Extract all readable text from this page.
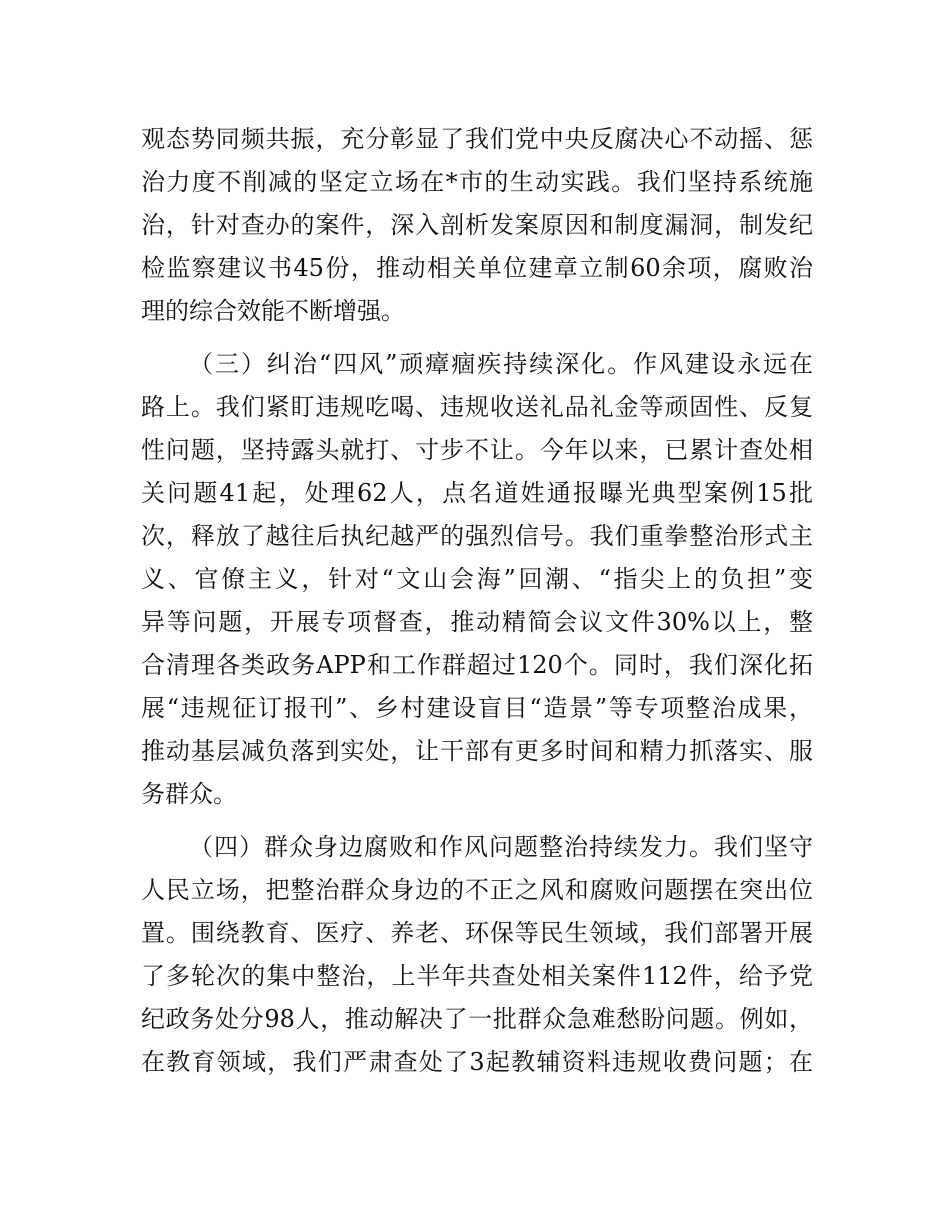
观态势同频共振，充分彰显了我们党中央反腐决心不动摇、惩
治力度不削减的坚定立场在*市的生动实践。我们坚持系统施
治，针对查办的案件，深入剖析发案原因和制度漏洞，制发纪
检监察建议书45份，推动相关单位建章立制60余项，腐败治
理的综合效能不断增强。
（三）纠治“四风”顽瘴痼疾持续深化。作风建设永远在
路上。我们紧盯违规吃喝、违规收送礼品礼金等顽固性、反复
性问题，坚持露头就打、寸步不让。今年以来，已累计查处相
关问题41起，处理62人，点名道姓通报曝光典型案例15批
次，释放了越往后执纪越严的强烈信号。我们重拳整治形式主
义、官僚主义，针对“文山会海”回潮、“指尖上的负担”变
异等问题，开展专项督查，推动精简会议文件30%以上，整
合清理各类政务APP和工作群超过120个。同时，我们深化拓
展“违规征订报刊”、乡村建设盲目“造景”等专项整治成果，
推动基层减负落到实处，让干部有更多时间和精力抓落实、服
务群众。
（四）群众身边腐败和作风问题整治持续发力。我们坚守
人民立场，把整治群众身边的不正之风和腐败问题摆在突出位
置。围绕教育、医疗、养老、环保等民生领域，我们部署开展
了多轮次的集中整治，上半年共查处相关案件112件，给予党
纪政务处分98人，推动解决了一批群众急难愁盼问题。例如，
在教育领域，我们严肃查处了3起教辅资料违规收费问题；在
